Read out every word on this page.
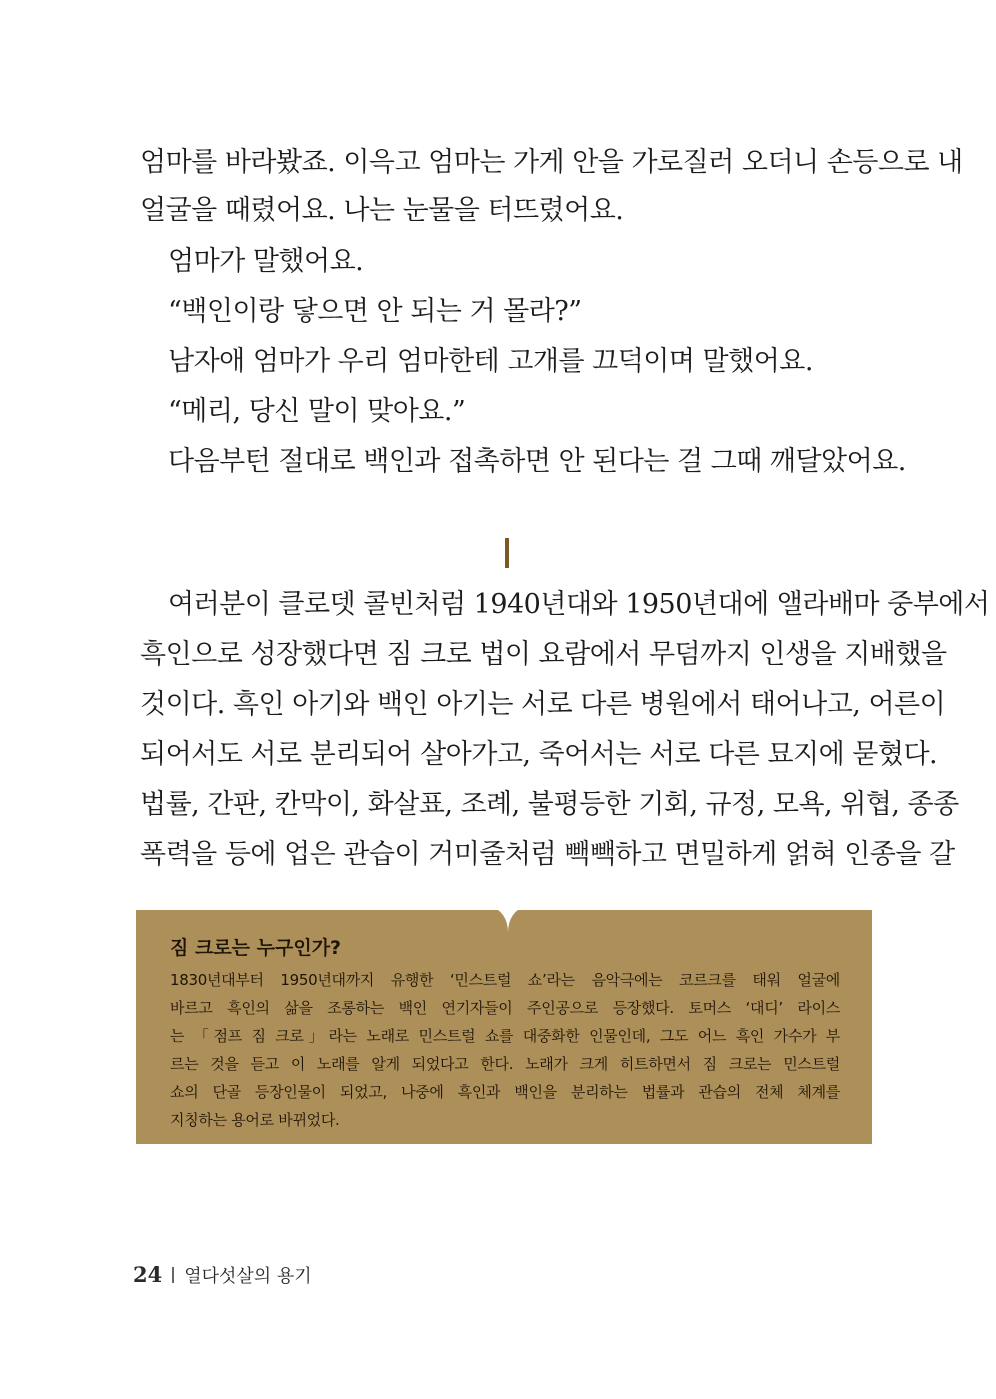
엄마를 바라봤죠. 이윽고 엄마는 가게 안을 가로질러 오더니 손등으로 내
얼굴을 때렸어요. 나는 눈물을 터뜨렸어요.
엄마가 말했어요.
“백인이랑 닿으면 안 되는 거 몰라?”
남자애 엄마가 우리 엄마한테 고개를 끄덕이며 말했어요.
“메리, 당신 말이 맞아요.”
다음부턴 절대로 백인과 접촉하면 안 된다는 걸 그때 깨달았어요.
여러분이 클로뎃 콜빈처럼 1940년대와 1950년대에 앨라배마 중부에서
흑인으로 성장했다면 짐 크로 법이 요람에서 무덤까지 인생을 지배했을
것이다. 흑인 아기와 백인 아기는 서로 다른 병원에서 태어나고, 어른이
되어서도 서로 분리되어 살아가고, 죽어서는 서로 다른 묘지에 묻혔다.
법률, 간판, 칸막이, 화살표, 조례, 불평등한 기회, 규정, 모욕, 위협, 종종
폭력을 등에 업은 관습이 거미줄처럼 빽빽하고 면밀하게 얽혀 인종을 갈
짐 크로는 누구인가?
1830년대부터 1950년대까지 유행한 ‘민스트럴 쇼’라는 음악극에는 코르크를 태워 얼굴에
바르고 흑인의 삶을 조롱하는 백인 연기자들이 주인공으로 등장했다. 토머스 ‘대디’ 라이스
는 「점프 짐 크로」라는 노래로 민스트럴 쇼를 대중화한 인물인데, 그도 어느 흑인 가수가 부
르는 것을 듣고 이 노래를 알게 되었다고 한다. 노래가 크게 히트하면서 짐 크로는 민스트럴
쇼의 단골 등장인물이 되었고, 나중에 흑인과 백인을 분리하는 법률과 관습의 전체 체계를
지칭하는 용어로 바뀌었다.
24 열다섯살의 용기
